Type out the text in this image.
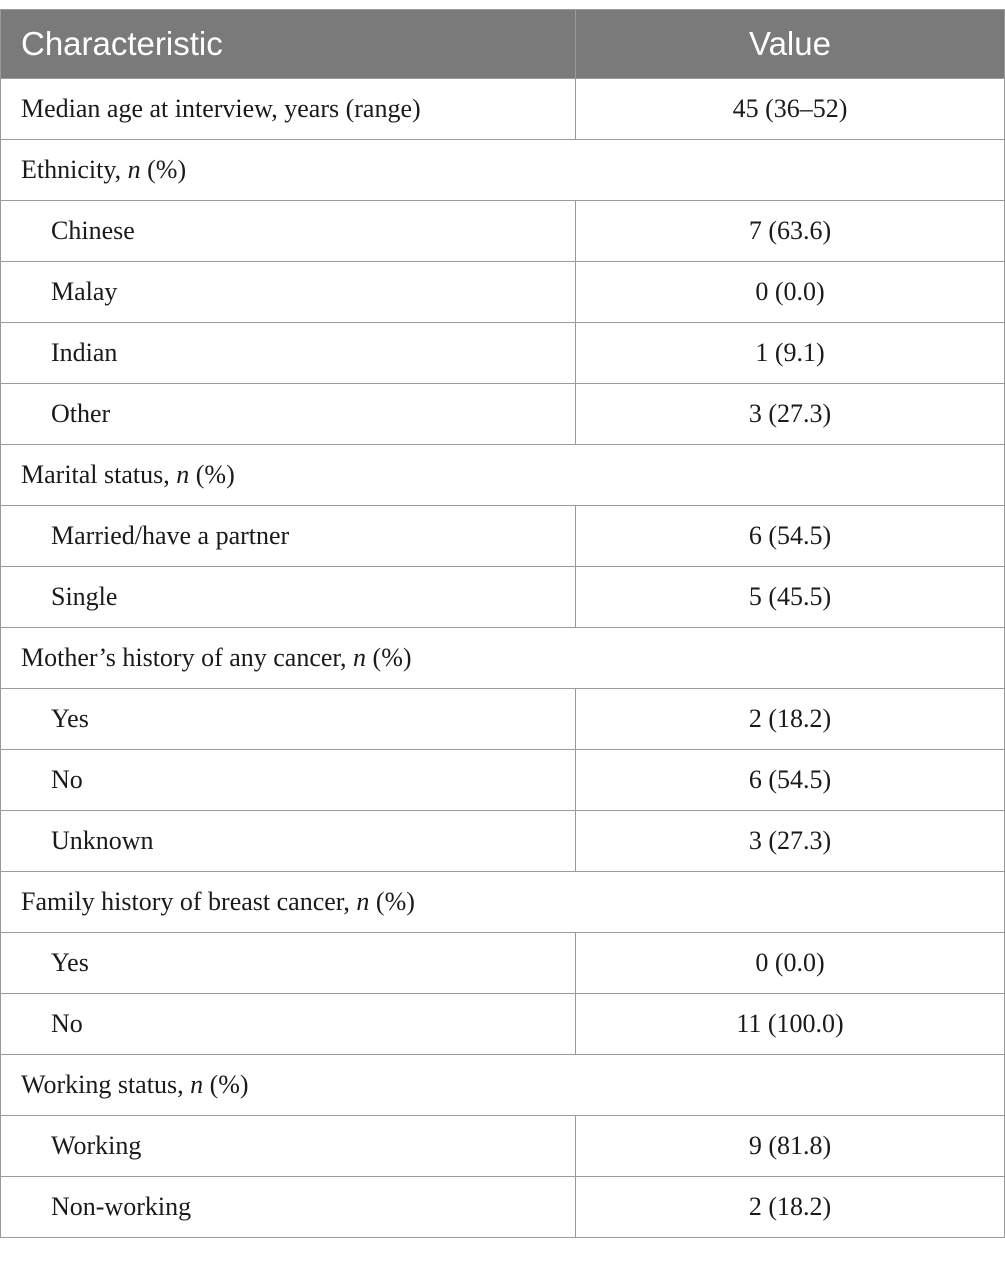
Characteristic	Value
Median age at interview, years (range)	45 (36–52)
Ethnicity, n (%)	
Chinese	7 (63.6)
Malay	0 (0.0)
Indian	1 (9.1)
Other	3 (27.3)
Marital status, n (%)	
Married/have a partner	6 (54.5)
Single	5 (45.5)
Mother’s history of any cancer, n (%)	
Yes	2 (18.2)
No	6 (54.5)
Unknown	3 (27.3)
Family history of breast cancer, n (%)	
Yes	0 (0.0)
No	11 (100.0)
Working status, n (%)	
Working	9 (81.8)
Non-working	2 (18.2)
